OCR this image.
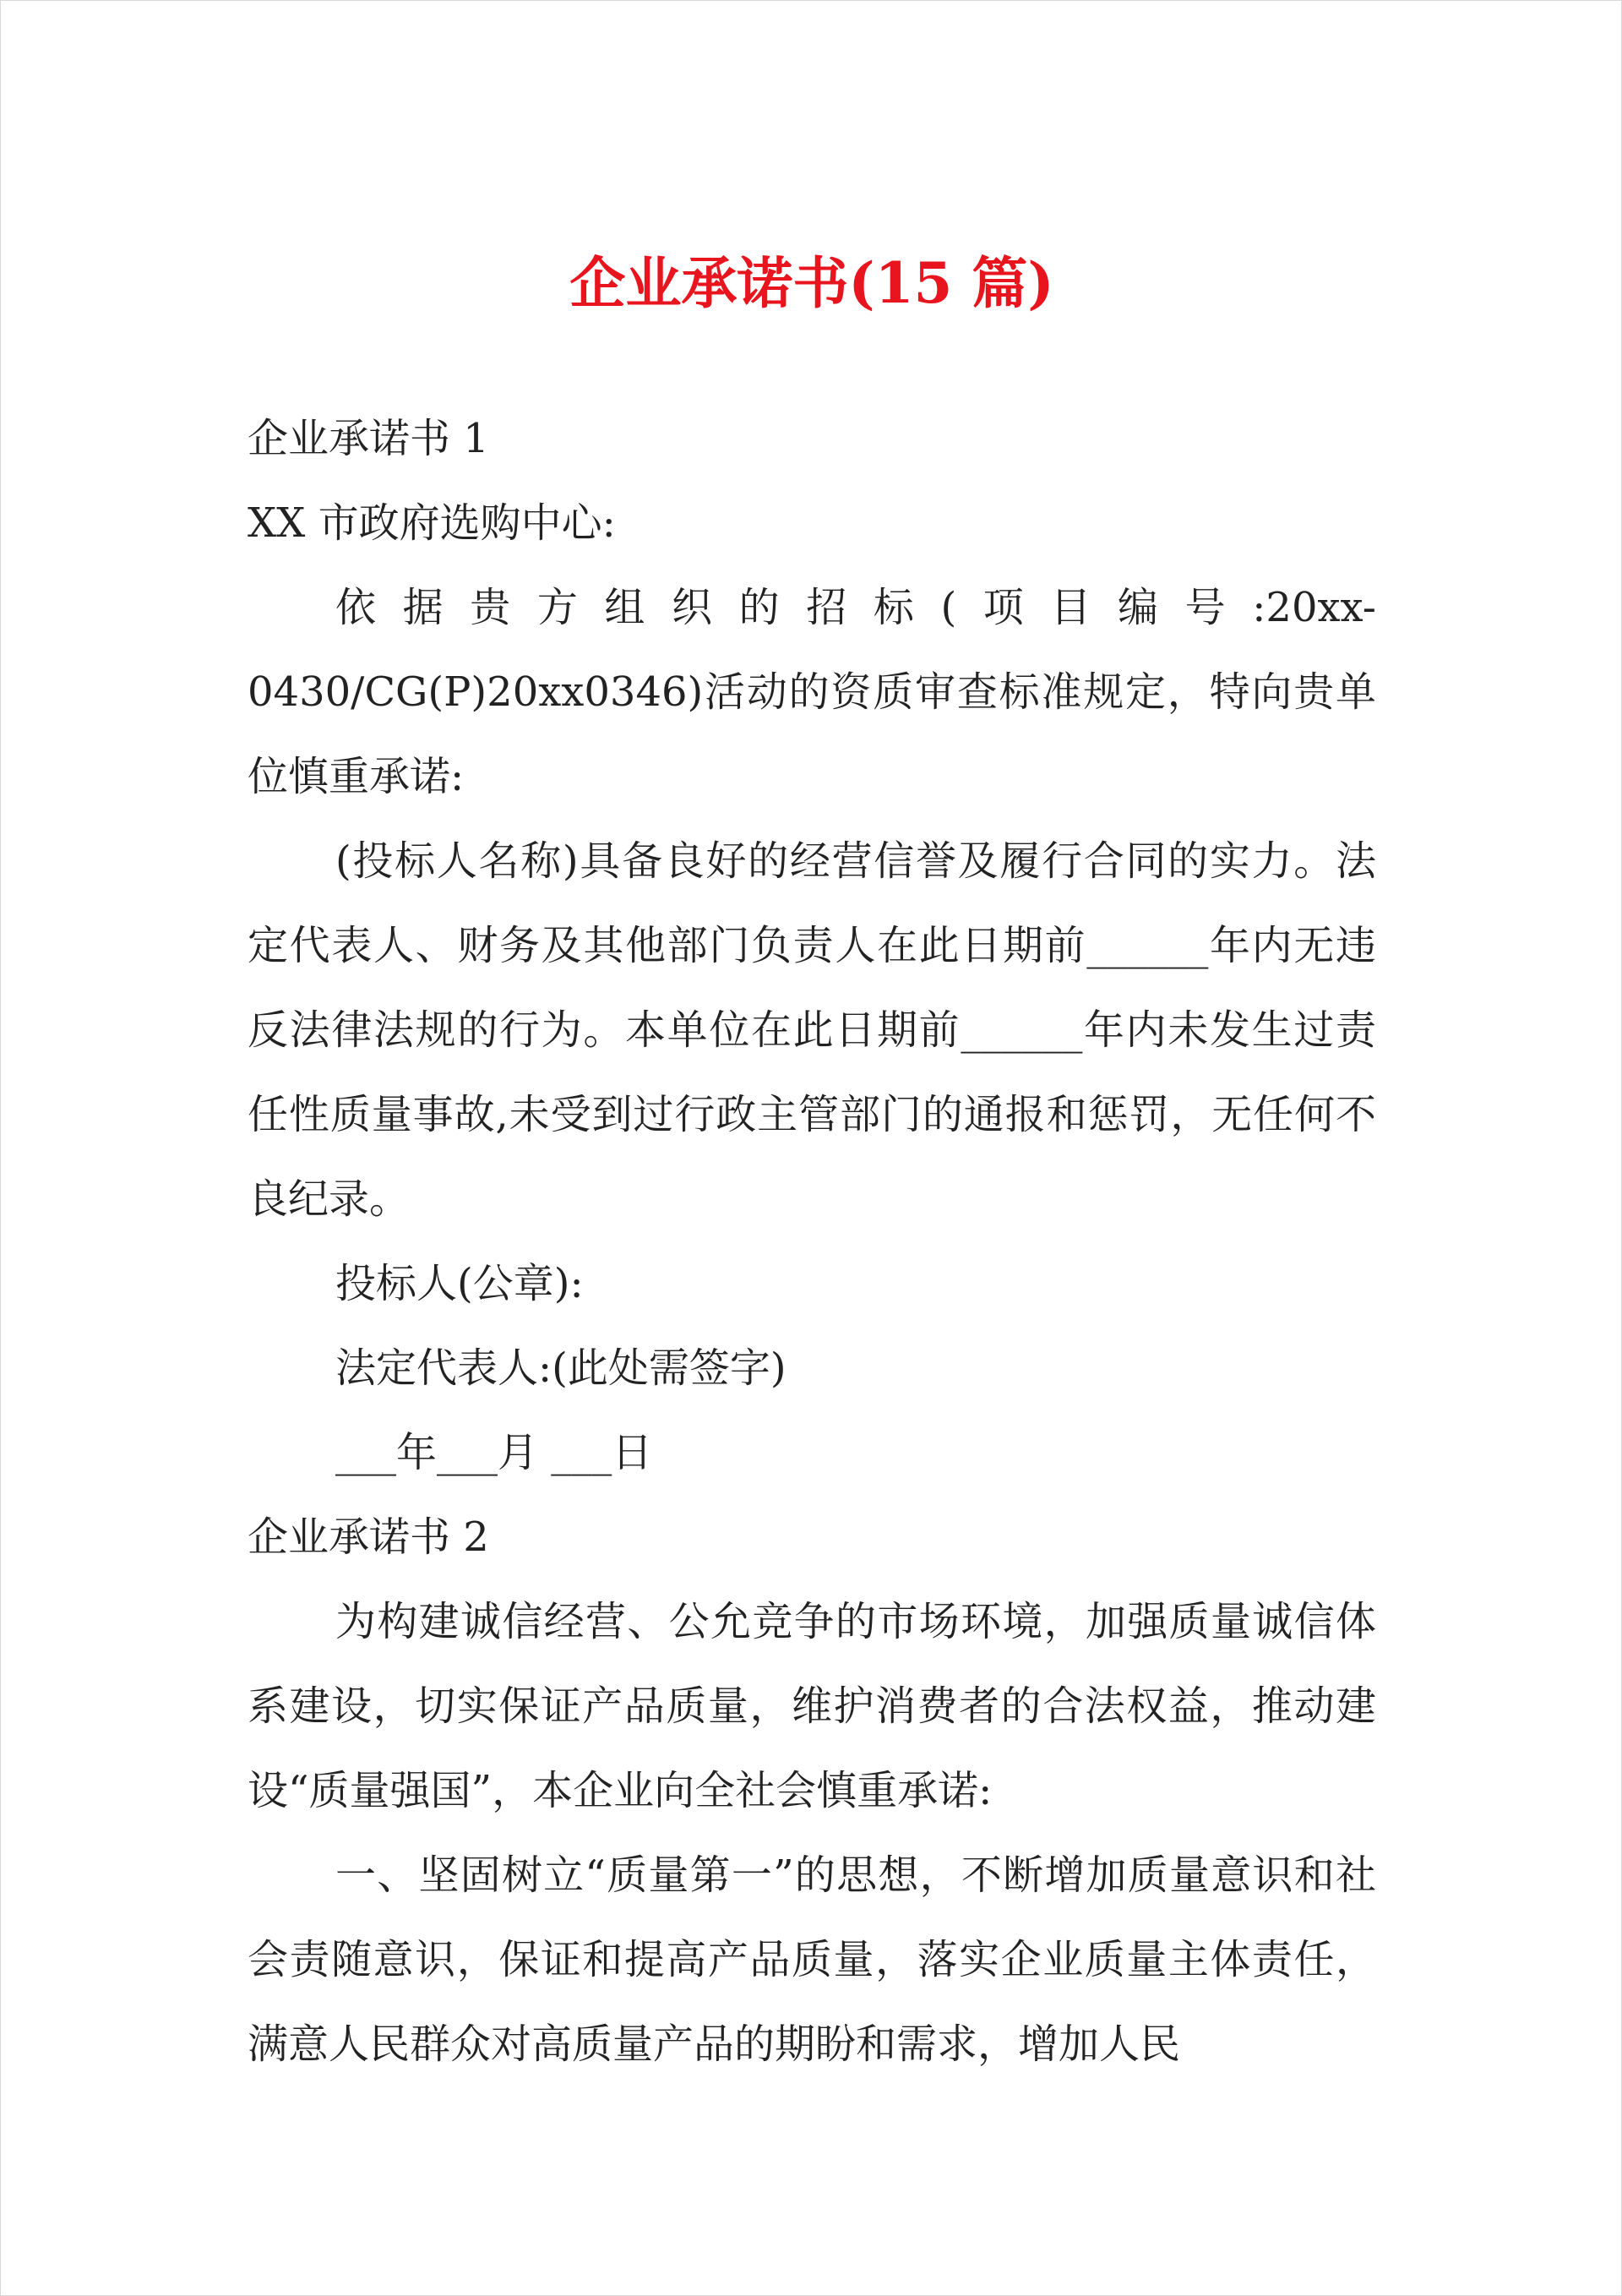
企业承诺书(15 篇)

企业承诺书 1

XX 市政府选购中心:

依据贵方组织的招标(项目编号:20xx-0430/CG(P)20xx0346)活动的资质审查标准规定，特向贵单位慎重承诺:

(投标人名称)具备良好的经营信誉及履行合同的实力。法定代表人、财务及其他部门负责人在此日期前______年内无违反法律法规的行为。本单位在此日期前______年内未发生过责任性质量事故,未受到过行政主管部门的通报和惩罚，无任何不良纪录。

投标人(公章):

法定代表人:(此处需签字)

___年___月 ___日

企业承诺书 2

为构建诚信经营、公允竞争的市场环境，加强质量诚信体系建设，切实保证产品质量，维护消费者的合法权益，推动建设“质量强国”，本企业向全社会慎重承诺:

一、坚固树立“质量第一”的思想，不断增加质量意识和社会责随意识，保证和提高产品质量，落实企业质量主体责任，满意人民群众对高质量产品的期盼和需求，增加人民
